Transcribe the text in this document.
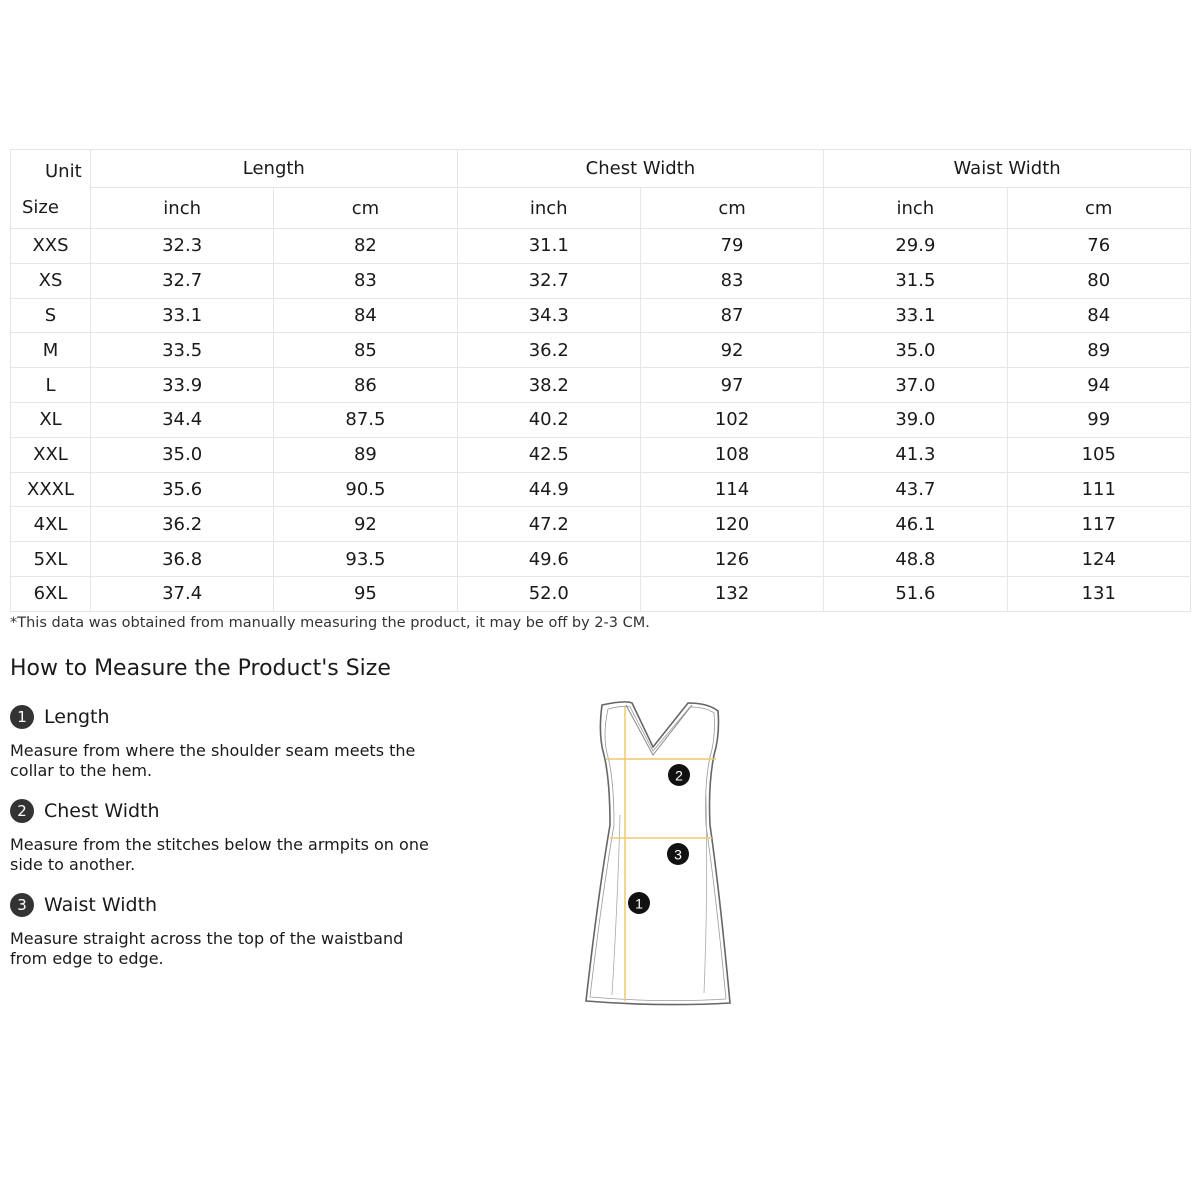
Unit
Size	Length		Chest Width		Waist Width	
	inch	cm	inch	cm	inch	cm
XXS	32.3	82	31.1	79	29.9	76
XS	32.7	83	32.7	83	31.5	80
S	33.1	84	34.3	87	33.1	84
M	33.5	85	36.2	92	35.0	89
L	33.9	86	38.2	97	37.0	94
XL	34.4	87.5	40.2	102	39.0	99
XXL	35.0	89	42.5	108	41.3	105
XXXL	35.6	90.5	44.9	114	43.7	111
4XL	36.2	92	47.2	120	46.1	117
5XL	36.8	93.5	49.6	126	48.8	124
6XL	37.4	95	52.0	132	51.6	131
*This data was obtained from manually measuring the product, it may be off by 2-3 CM.
How to Measure the Product's Size
1 Length
Measure from where the shoulder seam meets the collar to the hem.
2 Chest Width
Measure from the stitches below the armpits on one side to another.
3 Waist Width
Measure straight across the top of the waistband from edge to edge.
2
3
1
